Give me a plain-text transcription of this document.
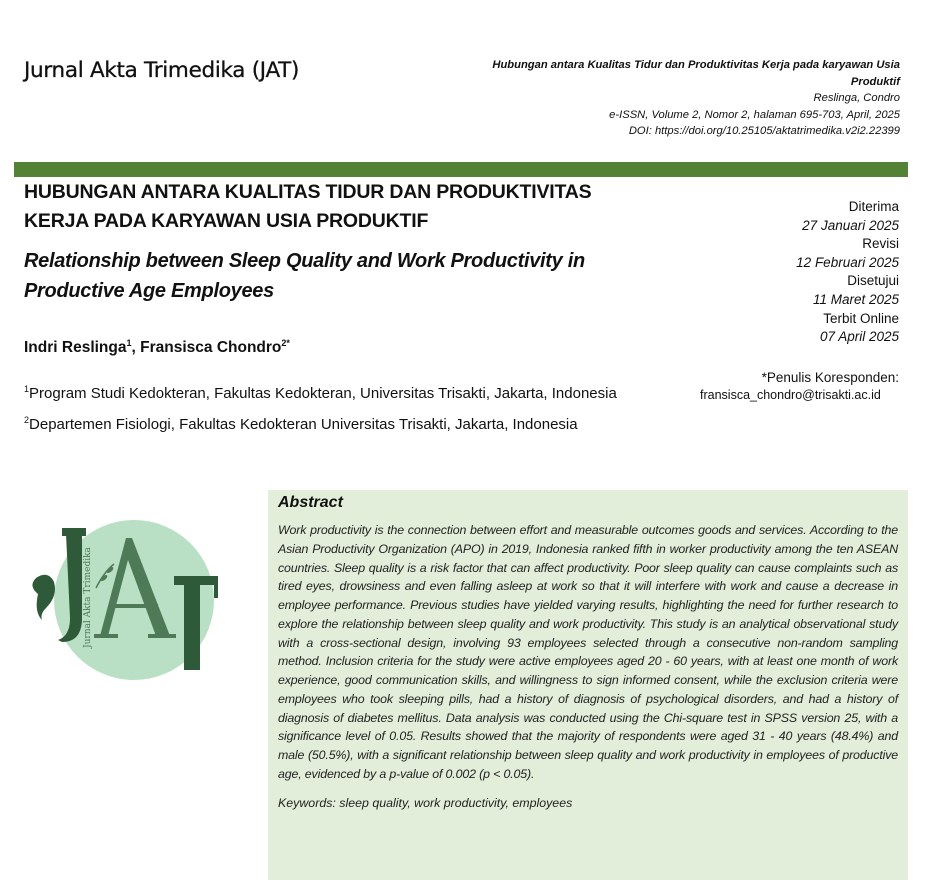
Jurnal Akta Trimedika (JAT)	Hubungan antara Kualitas Tidur dan Produktivitas Kerja pada karyawan Usia
Produktif
Reslinga, Condro
e-ISSN, Volume 2, Nomor 2, halaman 695-703, April, 2025
DOI: https://doi.org/10.25105/aktatrimedika.v2i2.22399
HUBUNGAN ANTARA KUALITAS TIDUR DAN PRODUKTIVITAS
KERJA PADA KARYAWAN USIA PRODUKTIF
Relationship between Sleep Quality and Work Productivity in
Productive Age Employees
Indri Reslinga$^1$, Fransisca Chondro$^{2*}$
$^1$Program Studi Kedokteran, Fakultas Kedokteran, Universitas Trisakti, Jakarta, Indonesia
$^2$Departemen Fisiologi, Fakultas Kedokteran Universitas Trisakti, Jakarta, Indonesia
Diterima
27 Januari 2025
Revisi
12 Februari 2025
Disetujui
11 Maret 2025
Terbit Online
07 April 2025
*Penulis Koresponden:
fransisca_chondro@trisakti.ac.id
Jurnal Akta Trimedika
Abstract
Work productivity is the connection between effort and measurable outcomes goods and services. According to the Asian Productivity Organization (APO) in 2019, Indonesia ranked fifth in worker productivity among the ten ASEAN countries. Sleep quality is a risk factor that can affect productivity. Poor sleep quality can cause complaints such as tired eyes, drowsiness and even falling asleep at work so that it will interfere with work and cause a decrease in employee performance. Previous studies have yielded varying results, highlighting the need for further research to explore the relationship between sleep quality and work productivity. This study is an analytical observational study with a cross-sectional design, involving 93 employees selected through a consecutive non-random sampling method. Inclusion criteria for the study were active employees aged 20 - 60 years, with at least one month of work experience, good communication skills, and willingness to sign informed consent, while the exclusion criteria were employees who took sleeping pills, had a history of diagnosis of psychological disorders, and had a history of diagnosis of diabetes mellitus. Data analysis was conducted using the Chi-square test in SPSS version 25, with a significance level of 0.05. Results showed that the majority of respondents were aged 31 - 40 years (48.4%) and male (50.5%), with a significant relationship between sleep quality and work productivity in employees of productive age, evidenced by a p-value of 0.002 (p < 0.05).
Keywords: sleep quality, work productivity, employees
